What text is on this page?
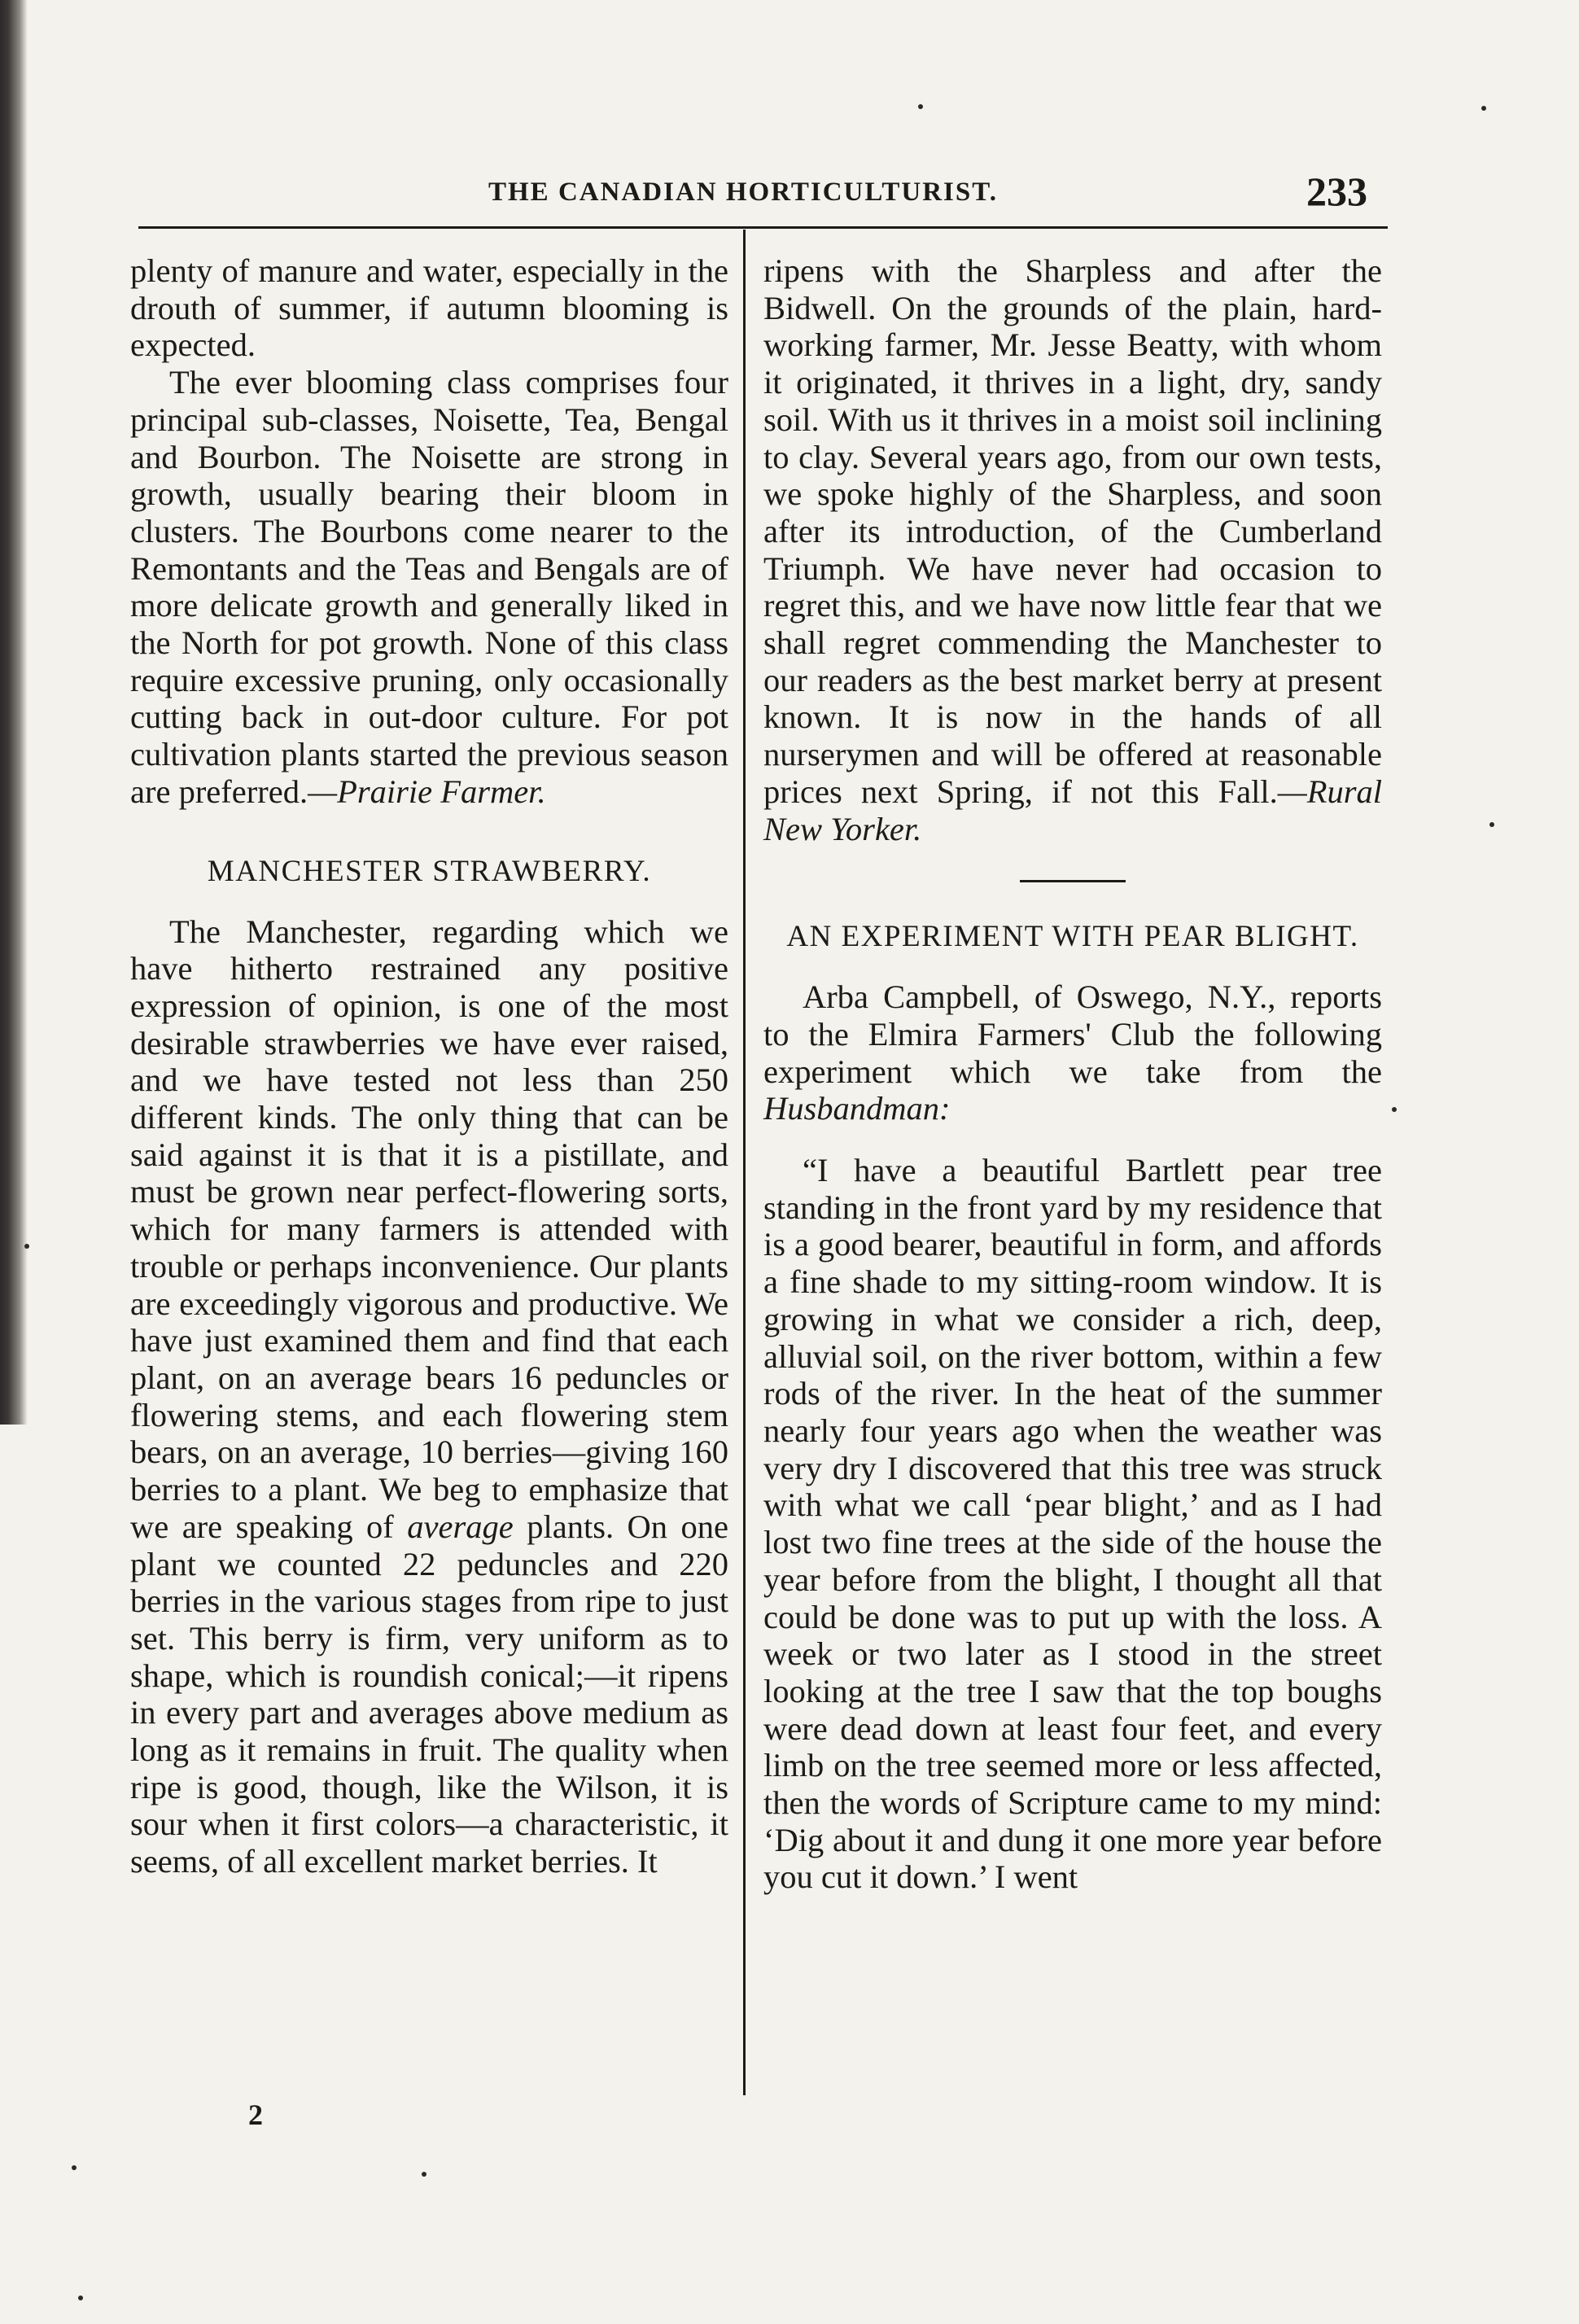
THE CANADIAN HORTICULTURIST.	233

plenty of manure and water, especially in the drouth of summer, if autumn blooming is expected.

The ever blooming class comprises four principal sub-classes, Noisette, Tea, Bengal and Bourbon. The Noisette are strong in growth, usually bearing their bloom in clusters. The Bourbons come nearer to the Remontants and the Teas and Bengals are of more delicate growth and generally liked in the North for pot growth. None of this class require excessive pruning, only occasionally cutting back in out-door culture. For pot cultivation plants started the previous season are preferred.—Prairie Farmer.

MANCHESTER STRAWBERRY.

The Manchester, regarding which we have hitherto restrained any positive expression of opinion, is one of the most desirable strawberries we have ever raised, and we have tested not less than 250 different kinds. The only thing that can be said against it is that it is a pistillate, and must be grown near perfect-flowering sorts, which for many farmers is attended with trouble or perhaps inconvenience. Our plants are exceedingly vigorous and productive. We have just examined them and find that each plant, on an average bears 16 peduncles or flowering stems, and each flowering stem bears, on an average, 10 berries—giving 160 berries to a plant. We beg to emphasize that we are speaking of average plants. On one plant we counted 22 peduncles and 220 berries in the various stages from ripe to just set. This berry is firm, very uniform as to shape, which is roundish conical;—it ripens in every part and averages above medium as long as it remains in fruit. The quality when ripe is good, though, like the Wilson, it is sour when it first colors—a characteristic, it seems, of all excellent market berries. It

ripens with the Sharpless and after the Bidwell. On the grounds of the plain, hard-working farmer, Mr. Jesse Beatty, with whom it originated, it thrives in a light, dry, sandy soil. With us it thrives in a moist soil inclining to clay. Several years ago, from our own tests, we spoke highly of the Sharpless, and soon after its introduction, of the Cumberland Triumph. We have never had occasion to regret this, and we have now little fear that we shall regret commending the Manchester to our readers as the best market berry at present known. It is now in the hands of all nurserymen and will be offered at reasonable prices next Spring, if not this Fall.—Rural New Yorker.

AN EXPERIMENT WITH PEAR BLIGHT.

Arba Campbell, of Oswego, N.Y., reports to the Elmira Farmers' Club the following experiment which we take from the Husbandman:

“I have a beautiful Bartlett pear tree standing in the front yard by my residence that is a good bearer, beautiful in form, and affords a fine shade to my sitting-room window. It is growing in what we consider a rich, deep, alluvial soil, on the river bottom, within a few rods of the river. In the heat of the summer nearly four years ago when the weather was very dry I discovered that this tree was struck with what we call ‘pear blight,’ and as I had lost two fine trees at the side of the house the year before from the blight, I thought all that could be done was to put up with the loss. A week or two later as I stood in the street looking at the tree I saw that the top boughs were dead down at least four feet, and every limb on the tree seemed more or less affected, then the words of Scripture came to my mind: ‘Dig about it and dung it one more year before you cut it down.’ I went

2
